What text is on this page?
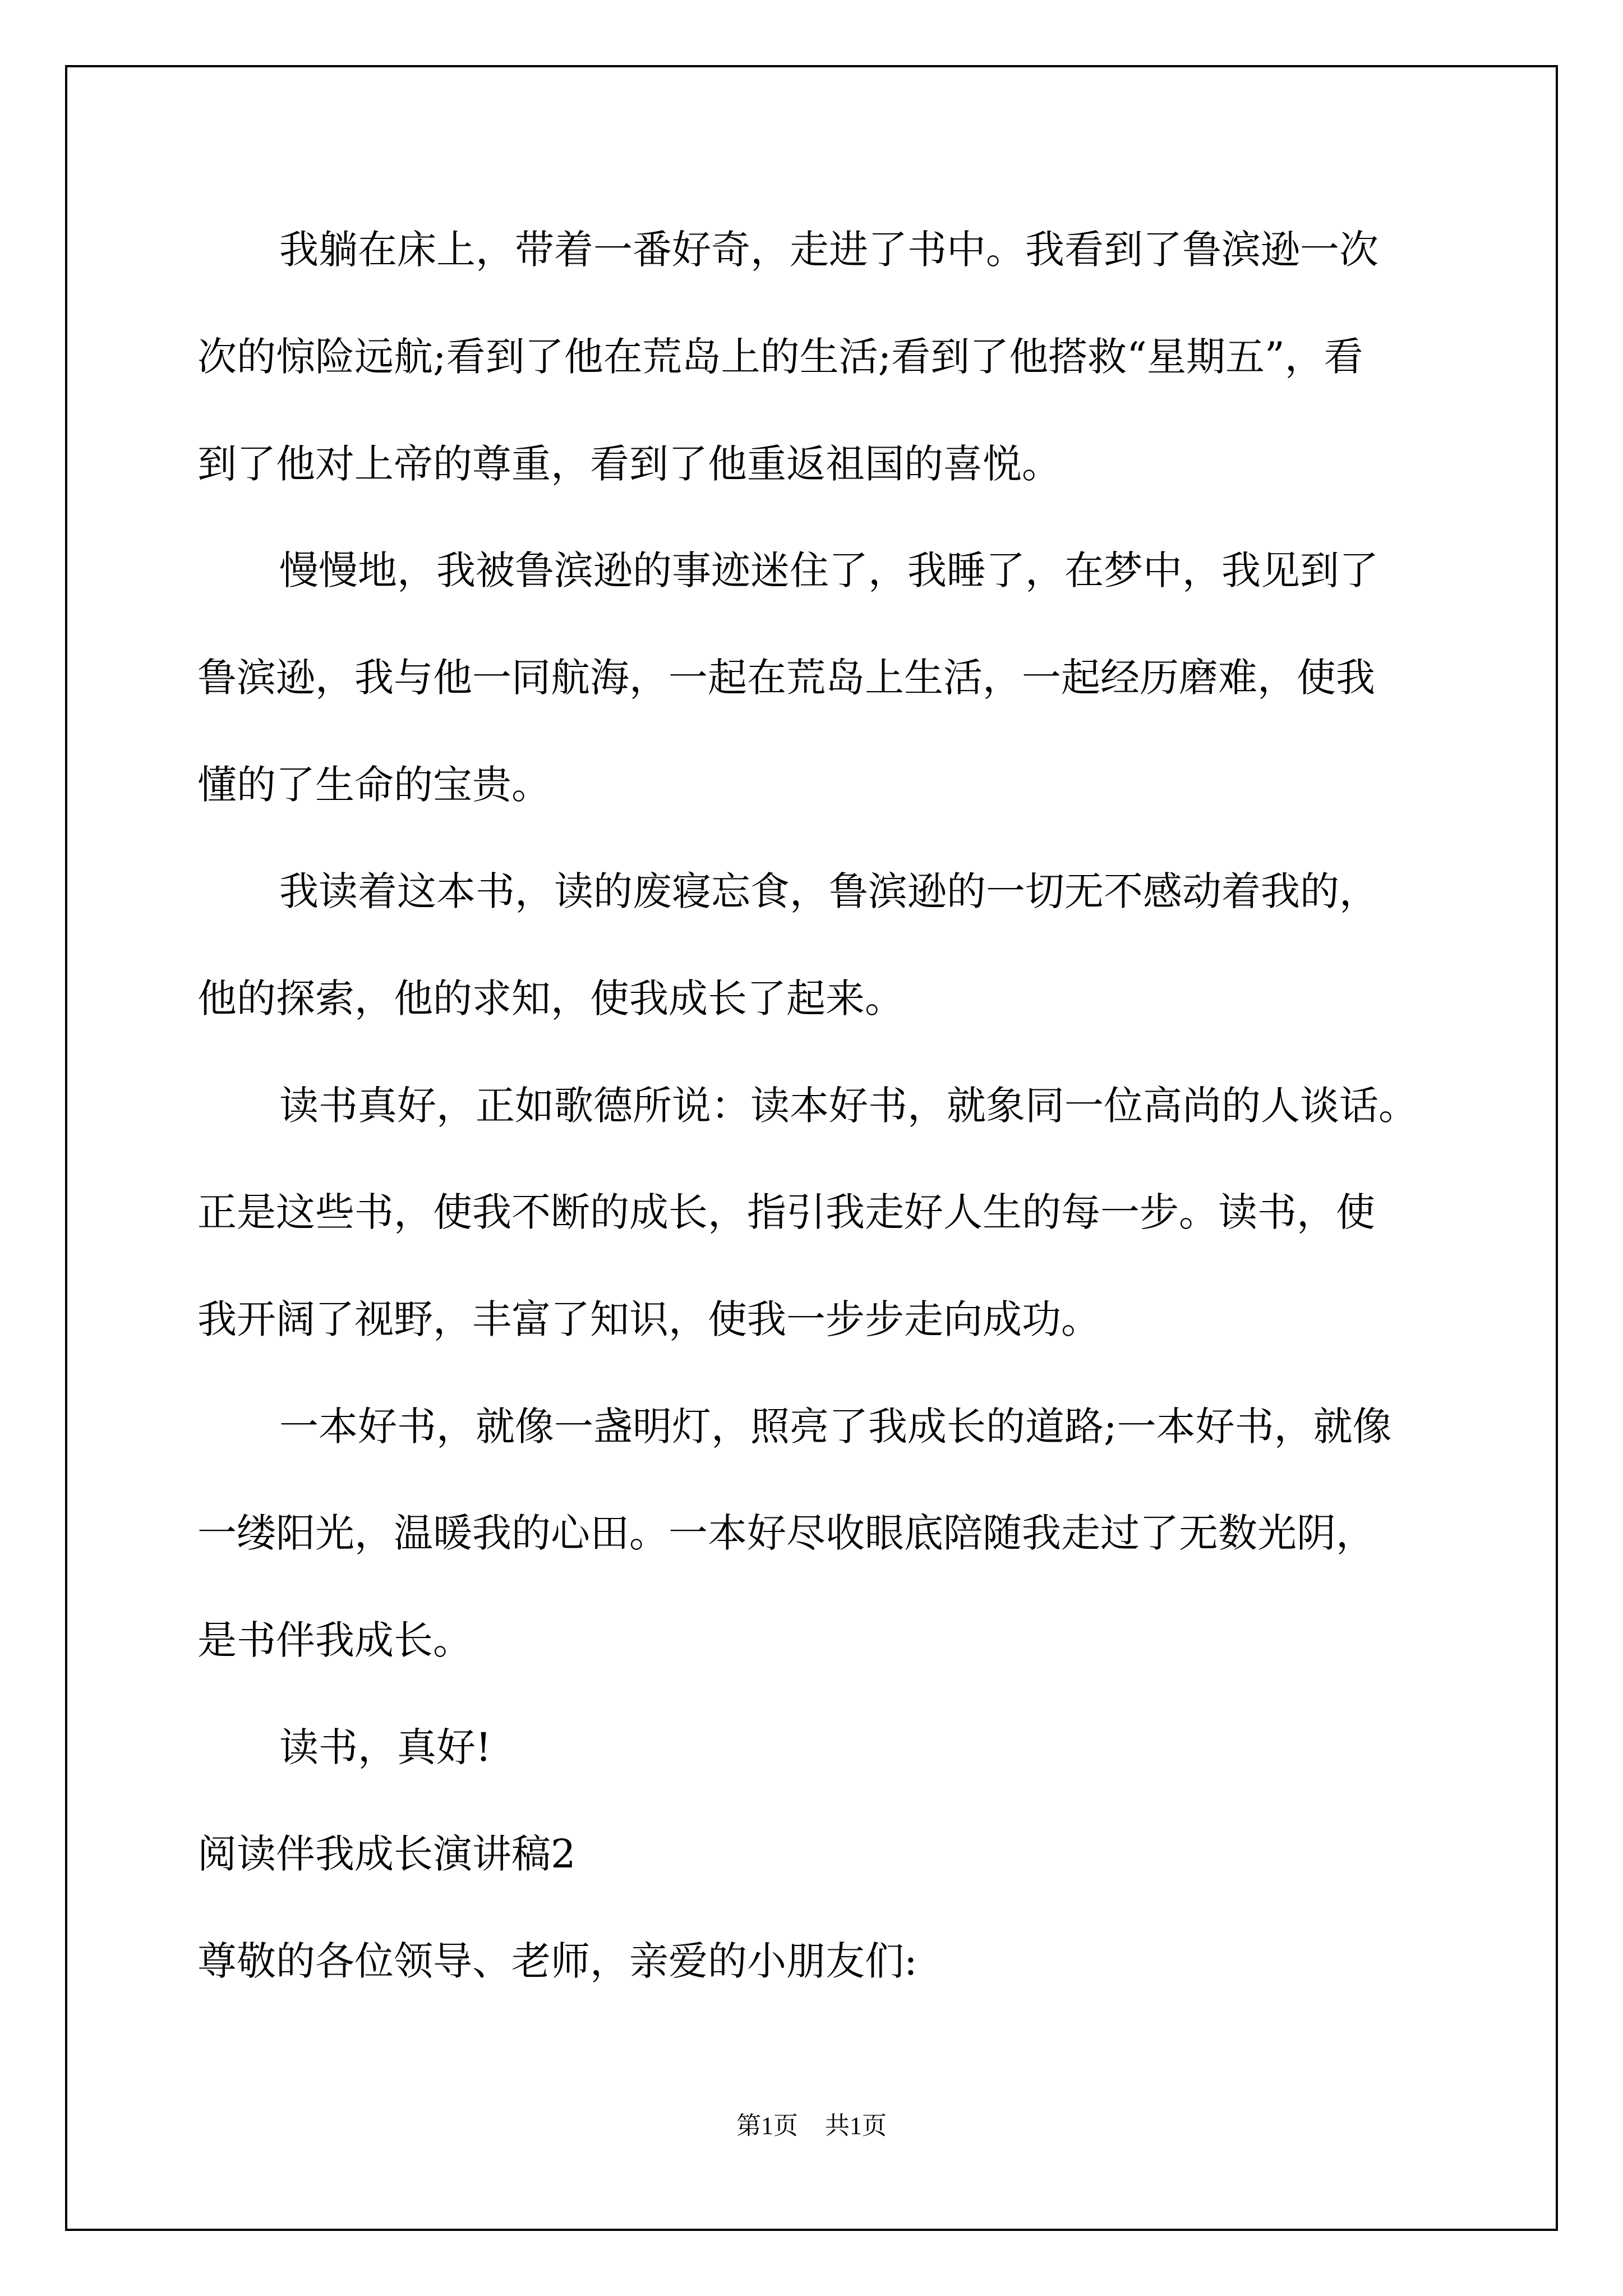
我躺在床上，带着一番好奇，走进了书中。我看到了鲁滨逊一次
次的惊险远航;看到了他在荒岛上的生活;看到了他搭救“星期五”，看
到了他对上帝的尊重，看到了他重返祖国的喜悦。
慢慢地，我被鲁滨逊的事迹迷住了，我睡了，在梦中，我见到了
鲁滨逊，我与他一同航海，一起在荒岛上生活，一起经历磨难，使我
懂的了生命的宝贵。
我读着这本书，读的废寝忘食，鲁滨逊的一切无不感动着我的，
他的探索，他的求知，使我成长了起来。
读书真好，正如歌德所说：读本好书，就象同一位高尚的人谈话。
正是这些书，使我不断的成长，指引我走好人生的每一步。读书，使
我开阔了视野，丰富了知识，使我一步步走向成功。
一本好书，就像一盏明灯，照亮了我成长的道路;一本好书，就像
一缕阳光，温暖我的心田。一本好尽收眼底陪随我走过了无数光阴，
是书伴我成长。
读书，真好!
阅读伴我成长演讲稿2
尊敬的各位领导、老师，亲爱的小朋友们:
第1页 共1页
